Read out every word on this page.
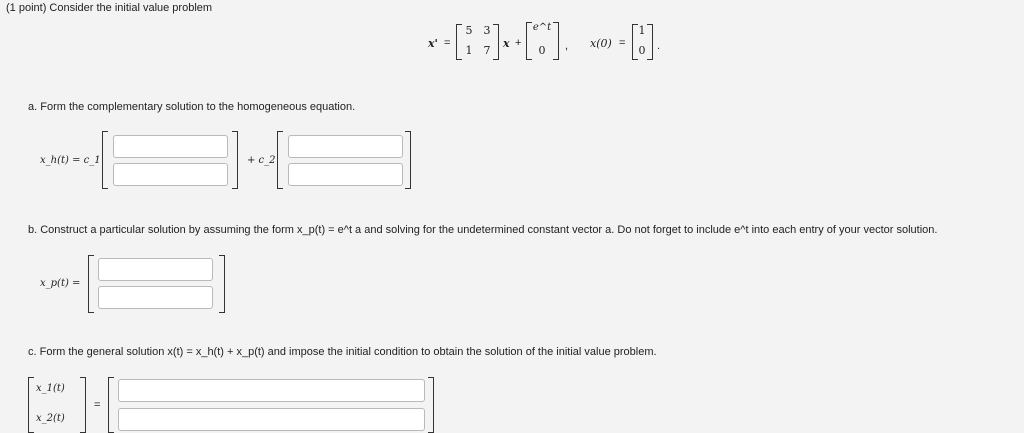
(1 point) Consider the initial value problem
x' =
5 3
1 7
x +
e^t
0	, x(0) =
1
0 .
a. Form the complementary solution to the homogeneous equation.
x_h(t) = c_1	+ c_2
b. Construct a particular solution by assuming the form x_p(t) = e^t a and solving for the undetermined constant vector a. Do not forget to include e^t into each entry of your vector solution.
x_p(t) =
c. Form the general solution x(t) = x_h(t) + x_p(t) and impose the initial condition to obtain the solution of the initial value problem.
x_1(t)
x_2(t)
=
